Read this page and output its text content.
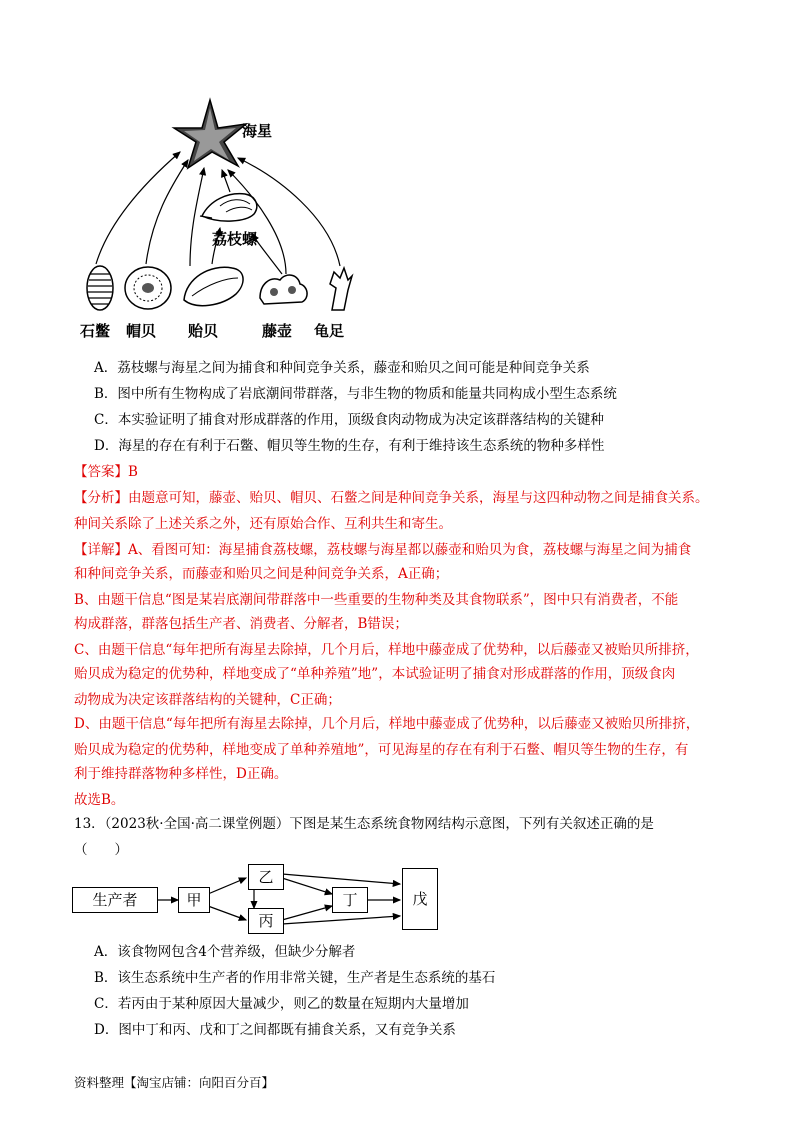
海星
荔枝螺
石鳖 帽贝 贻贝	藤壶 龟足
A．荔枝螺与海星之间为捕食和种间竞争关系，藤壶和贻贝之间可能是种间竞争关系
B．图中所有生物构成了岩底潮间带群落，与非生物的物质和能量共同构成小型生态系统
C．本实验证明了捕食对形成群落的作用，顶级食肉动物成为决定该群落结构的关键种
D．海星的存在有利于石鳖、帽贝等生物的生存，有利于维持该生态系统的物种多样性
【答案】B
【分析】由题意可知，藤壶、贻贝、帽贝、石鳖之间是种间竞争关系，海星与这四种动物之间是捕食关系。
种间关系除了上述关系之外，还有原始合作、互利共生和寄生。
【详解】A、看图可知：海星捕食荔枝螺，荔枝螺与海星都以藤壶和贻贝为食，荔枝螺与海星之间为捕食
和种间竞争关系，而藤壶和贻贝之间是种间竞争关系，A正确；
B、由题干信息“图是某岩底潮间带群落中一些重要的生物种类及其食物联系”，图中只有消费者，不能
构成群落，群落包括生产者、消费者、分解者，B错误；
C、由题干信息“每年把所有海星去除掉，几个月后，样地中藤壶成了优势种，以后藤壶又被贻贝所排挤，
贻贝成为稳定的优势种，样地变成了“单种养殖”地”，本试验证明了捕食对形成群落的作用，顶级食肉
动物成为决定该群落结构的关键种，C正确；
D、由题干信息“每年把所有海星去除掉，几个月后，样地中藤壶成了优势种，以后藤壶又被贻贝所排挤，
贻贝成为稳定的优势种，样地变成了单种养殖地”，可见海星的存在有利于石鳖、帽贝等生物的生存，有
利于维持群落物种多样性，D正确。
故选B。
13．（2023秋·全国·高二课堂例题）下图是某生态系统食物网结构示意图，下列有关叙述正确的是
（　　）
生产者	甲
乙
丙
丁	戊
A．该食物网包含4个营养级，但缺少分解者
B．该生态系统中生产者的作用非常关键，生产者是生态系统的基石
C．若丙由于某种原因大量减少，则乙的数量在短期内大量增加
D．图中丁和丙、戊和丁之间都既有捕食关系，又有竞争关系
资料整理【淘宝店铺：向阳百分百】
